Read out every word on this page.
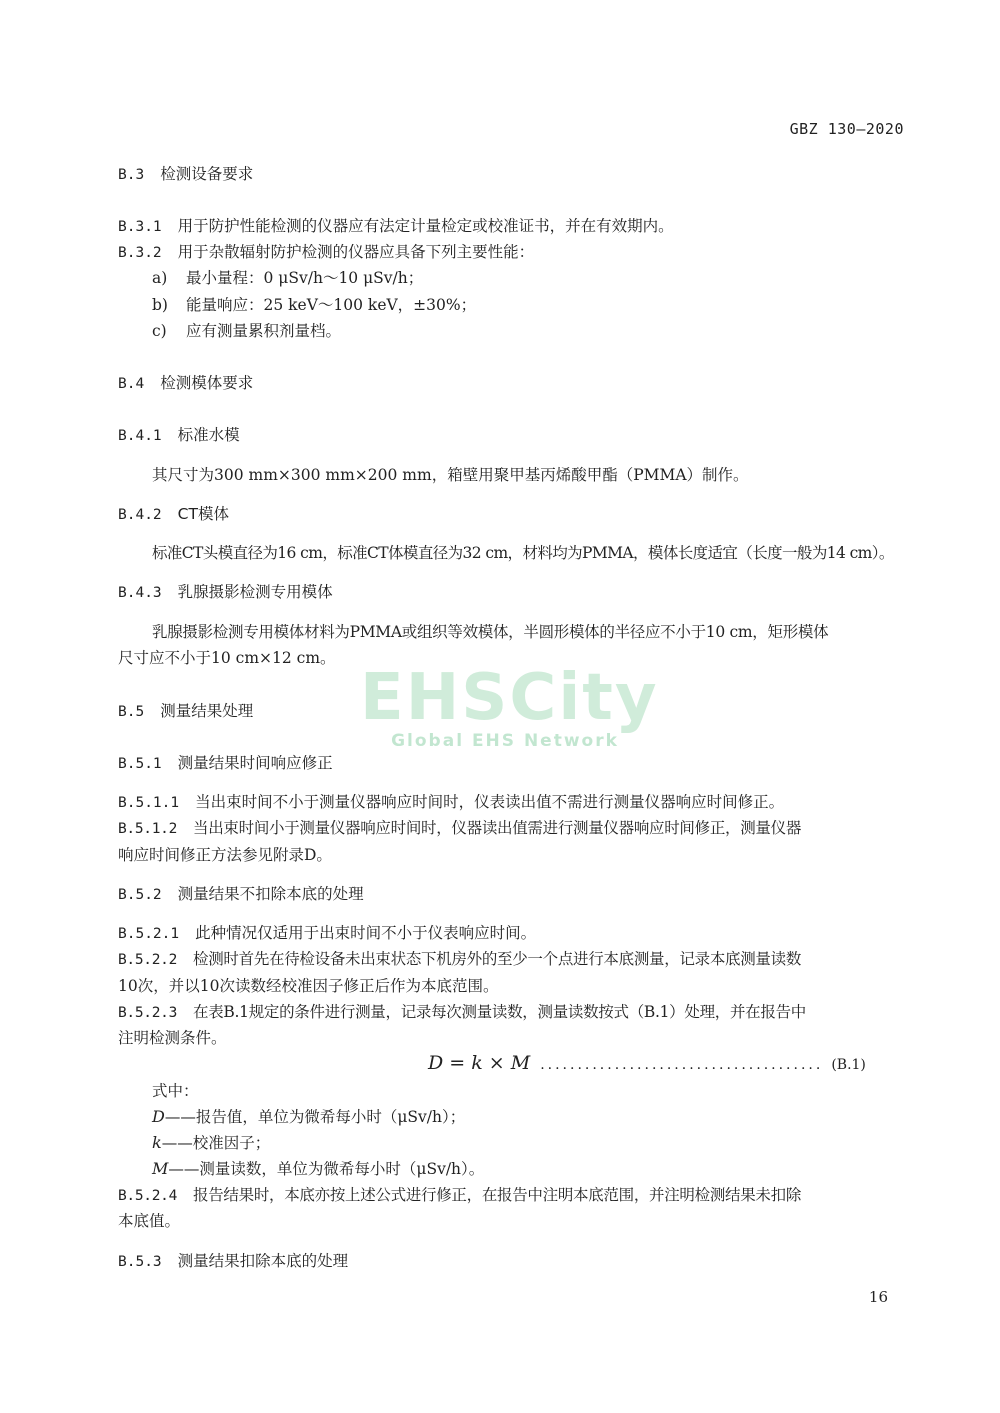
GBZ 130—2020
B.3 检测设备要求
B.3.1 用于防护性能检测的仪器应有法定计量检定或校准证书，并在有效期内。
B.3.2 用于杂散辐射防护检测的仪器应具备下列主要性能：
a) 最小量程：0 μSv/h～10 μSv/h；
b) 能量响应：25 keV～100 keV，±30%；
c) 应有测量累积剂量档。
B.4 检测模体要求
B.4.1 标准水模
其尺寸为300 mm×300 mm×200 mm，箱壁用聚甲基丙烯酸甲酯（PMMA）制作。
B.4.2 CT模体
标准CT头模直径为16 cm，标准CT体模直径为32 cm，材料均为PMMA，模体长度适宜（长度一般为14 cm）。
B.4.3 乳腺摄影检测专用模体
乳腺摄影检测专用模体材料为PMMA或组织等效模体，半圆形模体的半径应不小于10 cm，矩形模体
尺寸应不小于10 cm×12 cm。
B.5 测量结果处理
B.5.1 测量结果时间响应修正
B.5.1.1 当出束时间不小于测量仪器响应时间时，仪表读出值不需进行测量仪器响应时间修正。
B.5.1.2 当出束时间小于测量仪器响应时间时，仪器读出值需进行测量仪器响应时间修正，测量仪器
响应时间修正方法参见附录D。
B.5.2 测量结果不扣除本底的处理
B.5.2.1 此种情况仅适用于出束时间不小于仪表响应时间。
B.5.2.2 检测时首先在待检设备未出束状态下机房外的至少一个点进行本底测量，记录本底测量读数
10次，并以10次读数经校准因子修正后作为本底范围。
B.5.2.3 在表B.1规定的条件进行测量，记录每次测量读数，测量读数按式（B.1）处理，并在报告中
注明检测条件。
D = k × M ...................................... (B.1)
式中：
D——报告值，单位为微希每小时（μSv/h）；
k——校准因子；
M——测量读数，单位为微希每小时（μSv/h）。
B.5.2.4 报告结果时，本底亦按上述公式进行修正，在报告中注明本底范围，并注明检测结果未扣除
本底值。
B.5.3 测量结果扣除本底的处理
EHSCity
Global EHS Network
16
